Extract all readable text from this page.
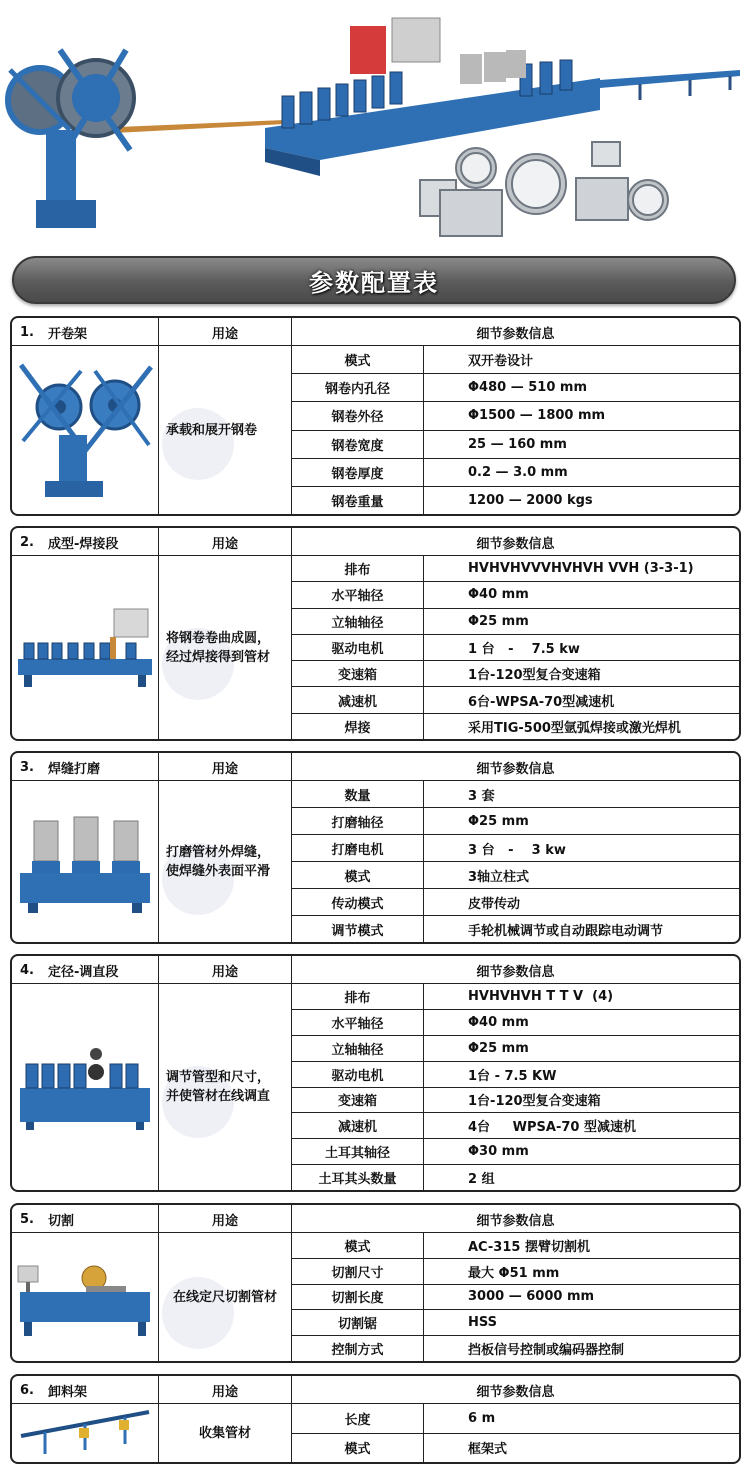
参数配置表
1.	开卷架	用途	细节参数信息
承载和展开钢卷
模式	双开卷设计
钢卷内孔径	Φ480 — 510 mm
钢卷外径	Φ1500 — 1800 mm
钢卷宽度	25 — 160 mm
钢卷厚度	0.2 — 3.0 mm
钢卷重量	1200 — 2000 kgs
2.	成型-焊接段	用途	细节参数信息
将钢卷卷曲成圆，
经过焊接得到管材
排布	HVHVHVVVHVHVH VVH (3-3-1)
水平轴径	Φ40 mm
立轴轴径	Φ25 mm
驱动电机	1 台   -    7.5 kw
变速箱	1台-120型复合变速箱
减速机	6台-WPSA-70型减速机
焊接	采用TIG-500型氩弧焊接或激光焊机
3.	焊缝打磨	用途	细节参数信息
打磨管材外焊缝，
使焊缝外表面平滑
数量	3 套
打磨轴径	Φ25 mm
打磨电机	3 台   -    3 kw
模式	3轴立柱式
传动模式	皮带传动
调节模式	手轮机械调节或自动跟踪电动调节
4.	定径-调直段	用途	细节参数信息
调节管型和尺寸，
并使管材在线调直
排布	HVHVHVH T T V  (4)
水平轴径	Φ40 mm
立轴轴径	Φ25 mm
驱动电机	1台 - 7.5 KW
变速箱	1台-120型复合变速箱
减速机	4台     WPSA-70 型减速机
土耳其轴径	Φ30 mm
土耳其头数量	2 组
5.	切割	用途	细节参数信息
在线定尺切割管材
模式	AC-315 摆臂切割机
切割尺寸	最大 Φ51 mm
切割长度	3000 — 6000 mm
切割锯	HSS
控制方式	挡板信号控制或编码器控制
6.	卸料架	用途	细节参数信息
收集管材
长度	6 m
模式	框架式
